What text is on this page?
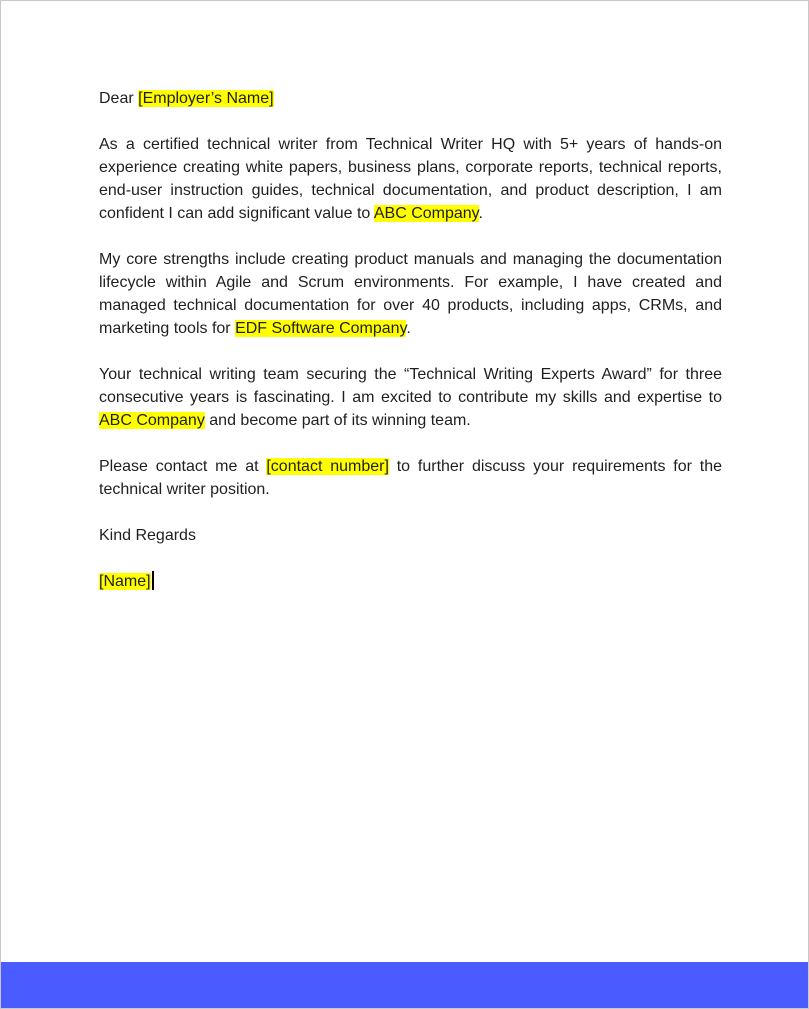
Dear [Employer’s Name]

As a certified technical writer from Technical Writer HQ with 5+ years of hands-on experience creating white papers, business plans, corporate reports, technical reports, end-user instruction guides, technical documentation, and product description, I am confident I can add significant value to ABC Company.

My core strengths include creating product manuals and managing the documentation lifecycle within Agile and Scrum environments. For example, I have created and managed technical documentation for over 40 products, including apps, CRMs, and marketing tools for EDF Software Company.

Your technical writing team securing the “Technical Writing Experts Award” for three consecutive years is fascinating. I am excited to contribute my skills and expertise to ABC Company and become part of its winning team.

Please contact me at [contact number] to further discuss your requirements for the technical writer position.

Kind Regards

[Name]
